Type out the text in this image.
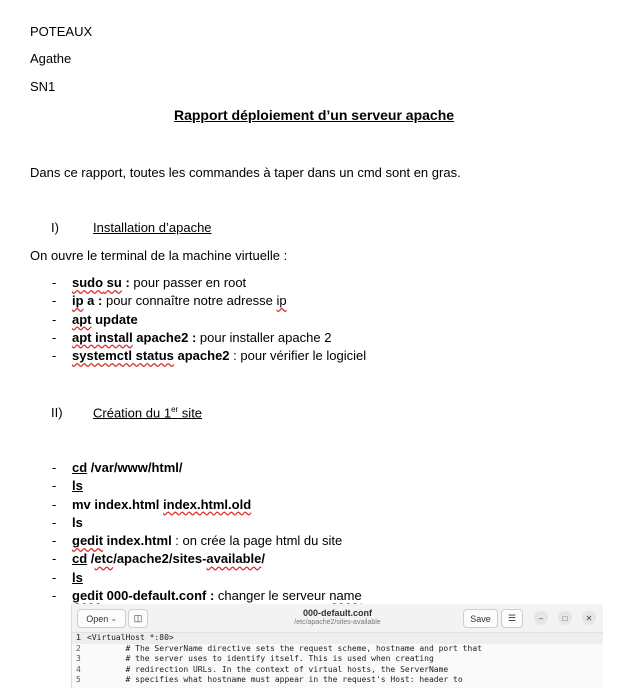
POTEAUX
Agathe
SN1
Rapport déploiement d’un serveur apache
Dans ce rapport, toutes les commandes à taper dans un cmd sont en gras.
I)	Installation d’apache
On ouvre le terminal de la machine virtuelle :
- sudo su : pour passer en root
- ip a : pour connaître notre adresse ip
- apt update
- apt install apache2 : pour installer apache 2
- systemctl status apache2 : pour vérifier le logiciel
II) Création du 1er site
- cd /var/www/html/
- ls
- mv index.html index.html.old
- ls
- gedit index.html : on crée la page html du site
- cd /etc/apache2/sites-available/
- ls
- gedit 000-default.conf : changer le serveur name
Open
⌄ ◫	000-default.conf
/etc/apache2/sites-available	Save	☰	– □ ✕
1 <VirtualHost *:80>
2 # The ServerName directive sets the request scheme, hostname and port that
3 # the server uses to identify itself. This is used when creating
4 # redirection URLs. In the context of virtual hosts, the ServerName
5 # specifies what hostname must appear in the request's Host: header to
